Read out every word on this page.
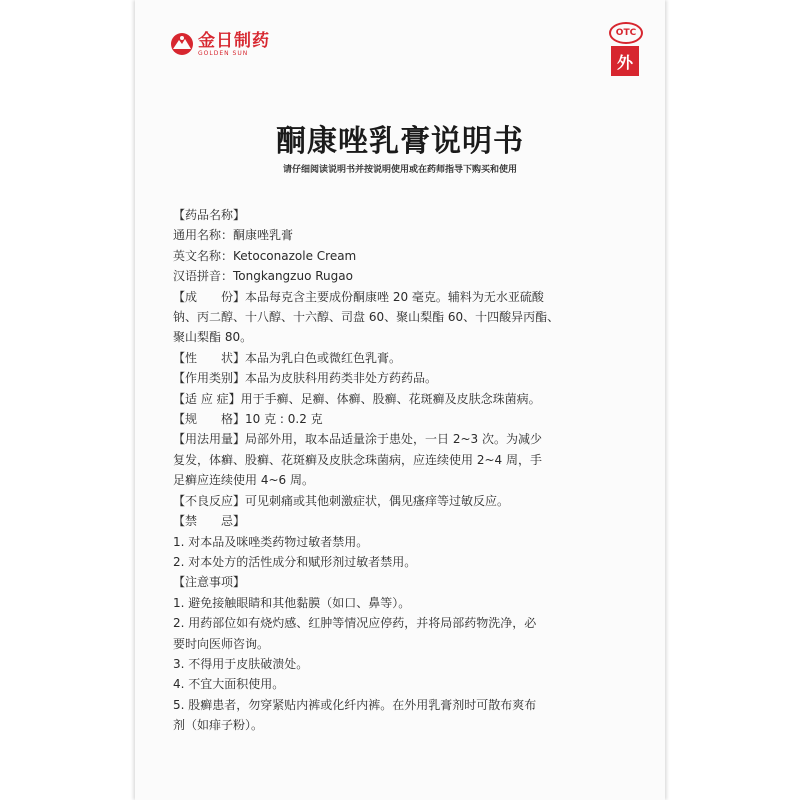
金日制药
GOLDEN SUN
OTC
外
酮康唑乳膏说明书
请仔细阅读说明书并按说明使用或在药师指导下购买和使用
【药品名称】
通用名称：酮康唑乳膏
英文名称：Ketoconazole Cream
汉语拼音：Tongkangzuo Rugao
【成　　份】本品每克含主要成份酮康唑 20 毫克。辅料为无水亚硫酸
钠、丙二醇、十八醇、十六醇、司盘 60、聚山梨酯 60、十四酸异丙酯、
聚山梨酯 80。
【性　　状】本品为乳白色或微红色乳膏。
【作用类别】本品为皮肤科用药类非处方药药品。
【适 应 症】用于手癣、足癣、体癣、股癣、花斑癣及皮肤念珠菌病。
【规　　格】10 克 : 0.2 克
【用法用量】局部外用，取本品适量涂于患处，一日 2~3 次。为减少
复发，体癣、股癣、花斑癣及皮肤念珠菌病，应连续使用 2~4 周，手
足癣应连续使用 4~6 周。
【不良反应】可见刺痛或其他刺激症状，偶见瘙痒等过敏反应。
【禁　　忌】
1. 对本品及咪唑类药物过敏者禁用。
2. 对本处方的活性成分和赋形剂过敏者禁用。
【注意事项】
1. 避免接触眼睛和其他黏膜（如口、鼻等）。
2. 用药部位如有烧灼感、红肿等情况应停药，并将局部药物洗净，必
要时向医师咨询。
3. 不得用于皮肤破溃处。
4. 不宜大面积使用。
5. 股癣患者，勿穿紧贴内裤或化纤内裤。在外用乳膏剂时可散布爽布
剂（如痱子粉）。
